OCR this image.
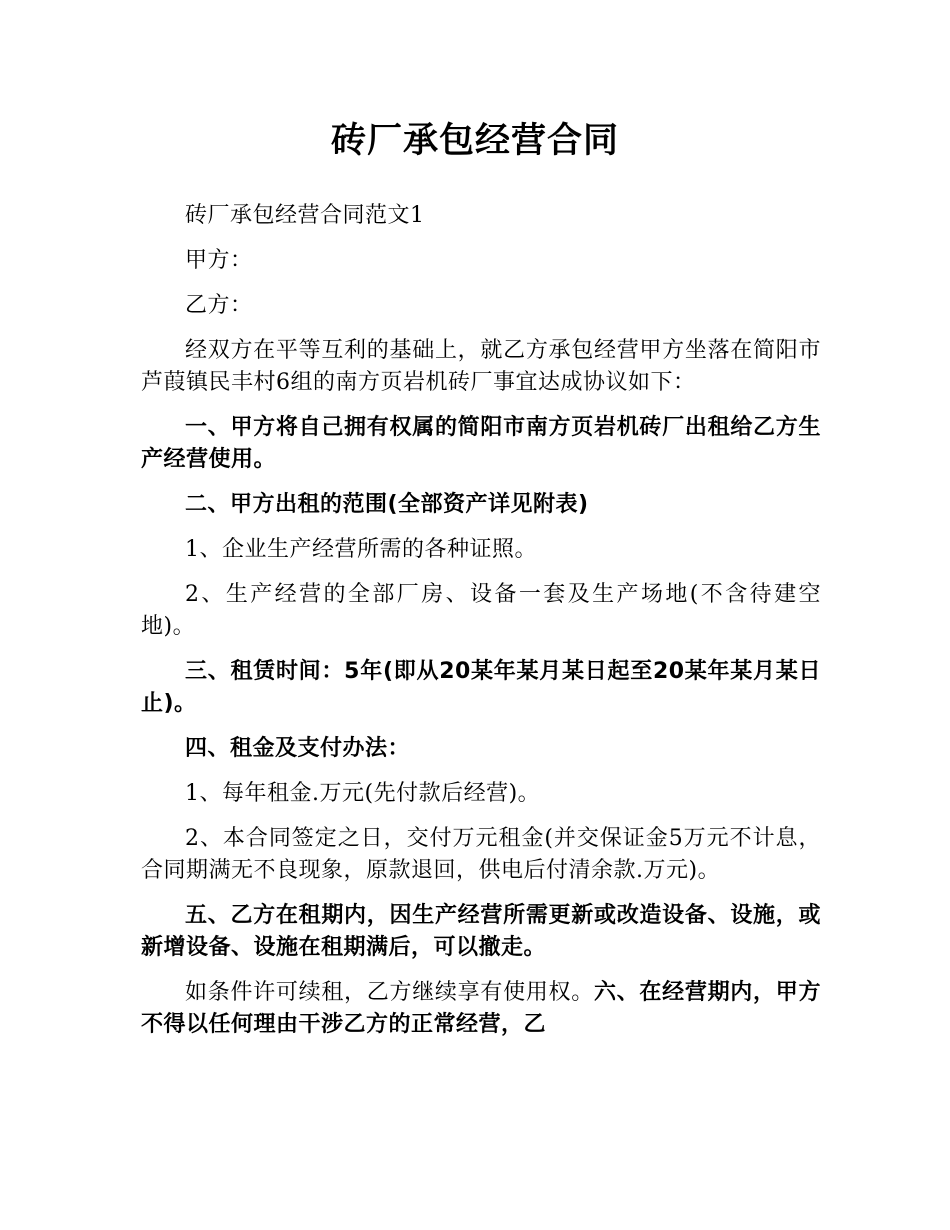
砖厂承包经营合同

砖厂承包经营合同范文1

甲方：

乙方：

经双方在平等互利的基础上，就乙方承包经营甲方坐落在简阳市芦葭镇民丰村6组的南方页岩机砖厂事宜达成协议如下：

一、甲方将自己拥有权属的简阳市南方页岩机砖厂出租给乙方生产经营使用。

二、甲方出租的范围(全部资产详见附表)

1、企业生产经营所需的各种证照。

2、生产经营的全部厂房、设备一套及生产场地(不含待建空地)。

三、租赁时间：5年(即从20某年某月某日起至20某年某月某日止)。

四、租金及支付办法：

1、每年租金.万元(先付款后经营)。

2、本合同签定之日，交付万元租金(并交保证金5万元不计息，合同期满无不良现象，原款退回，供电后付清余款.万元)。

五、乙方在租期内，因生产经营所需更新或改造设备、设施，或新增设备、设施在租期满后，可以撤走。

如条件许可续租，乙方继续享有使用权。六、在经营期内，甲方不得以任何理由干涉乙方的正常经营，乙
